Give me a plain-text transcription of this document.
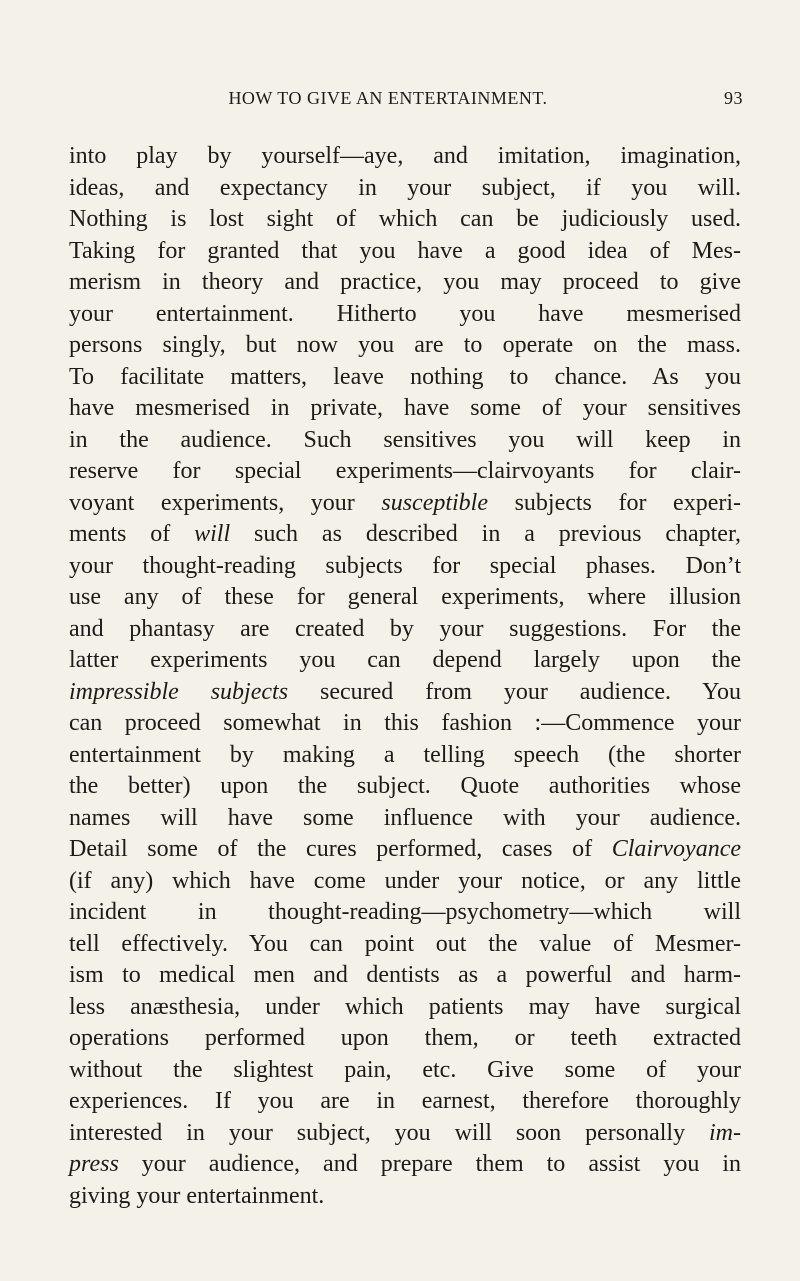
HOW TO GIVE AN ENTERTAINMENT.	93
into play by yourself—aye, and imitation, imagination,
ideas, and expectancy in your subject, if you will.
Nothing is lost sight of which can be judiciously used.
Taking for granted that you have a good idea of Mes-
merism in theory and practice, you may proceed to give
your entertainment. Hitherto you have mesmerised
persons singly, but now you are to operate on the mass.
To facilitate matters, leave nothing to chance. As you
have mesmerised in private, have some of your sensitives
in the audience. Such sensitives you will keep in
reserve for special experiments—clairvoyants for clair-
voyant experiments, your susceptible subjects for experi-
ments of will such as described in a previous chapter,
your thought-reading subjects for special phases. Don’t
use any of these for general experiments, where illusion
and phantasy are created by your suggestions. For the
latter experiments you can depend largely upon the
impressible subjects secured from your audience. You
can proceed somewhat in this fashion :—Commence your
entertainment by making a telling speech (the shorter
the better) upon the subject. Quote authorities whose
names will have some influence with your audience.
Detail some of the cures performed, cases of Clairvoyance
(if any) which have come under your notice, or any little
incident in thought-reading—psychometry—which will
tell effectively. You can point out the value of Mesmer-
ism to medical men and dentists as a powerful and harm-
less anæsthesia, under which patients may have surgical
operations performed upon them, or teeth extracted
without the slightest pain, etc. Give some of your
experiences. If you are in earnest, therefore thoroughly
interested in your subject, you will soon personally im-
press your audience, and prepare them to assist you in
giving your entertainment.
